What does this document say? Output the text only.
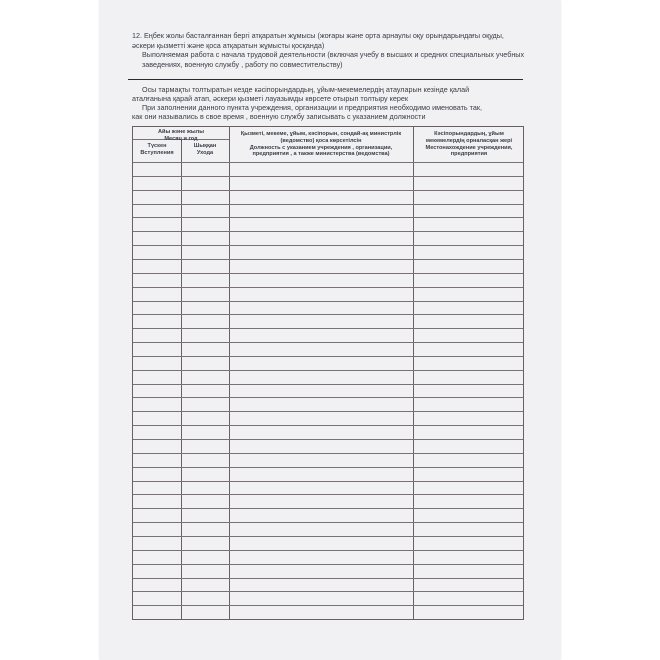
12. Еңбек жолы басталғаннан бергі атқаратын жұмысы (жоғары және орта арнаулы оқу орындарындағы оқуды, әскери қызметті және қоса атқаратын жұмысты қосқанда)
Выполняемая работа с начала трудовой деятельности (включая учебу в высших и средних специальных учебных заведениях, военную службу , работу по совместительству)
Осы тармақты толтыратын кезде кәсіпорындардың, ұйым-мекемелердің атауларын кезінде қалай
аталғанына қарай атап, әскери қызметі лауазымды көрсете отырып толтыру керек
При заполнении данного пункта учреждения, организации и предприятия необходимо именовать так,
как они назывались в свое время , военную службу записывать с указанием должности
Айы және жылы
Месяц и год
Түскен
Вступления
Шыққан
Ухода
Қызметі, мекеме, ұйым, кәсіпорын, сондай-ақ министрлік (ведомство) қоса көрсетілсін
Должность с указанием учреждения , организации, предприятия , а также министерства (ведомства)
Кәсіпорындардың, ұйым мекемелердің орналасқан жері
Местонахождение учреждения, предприятия
